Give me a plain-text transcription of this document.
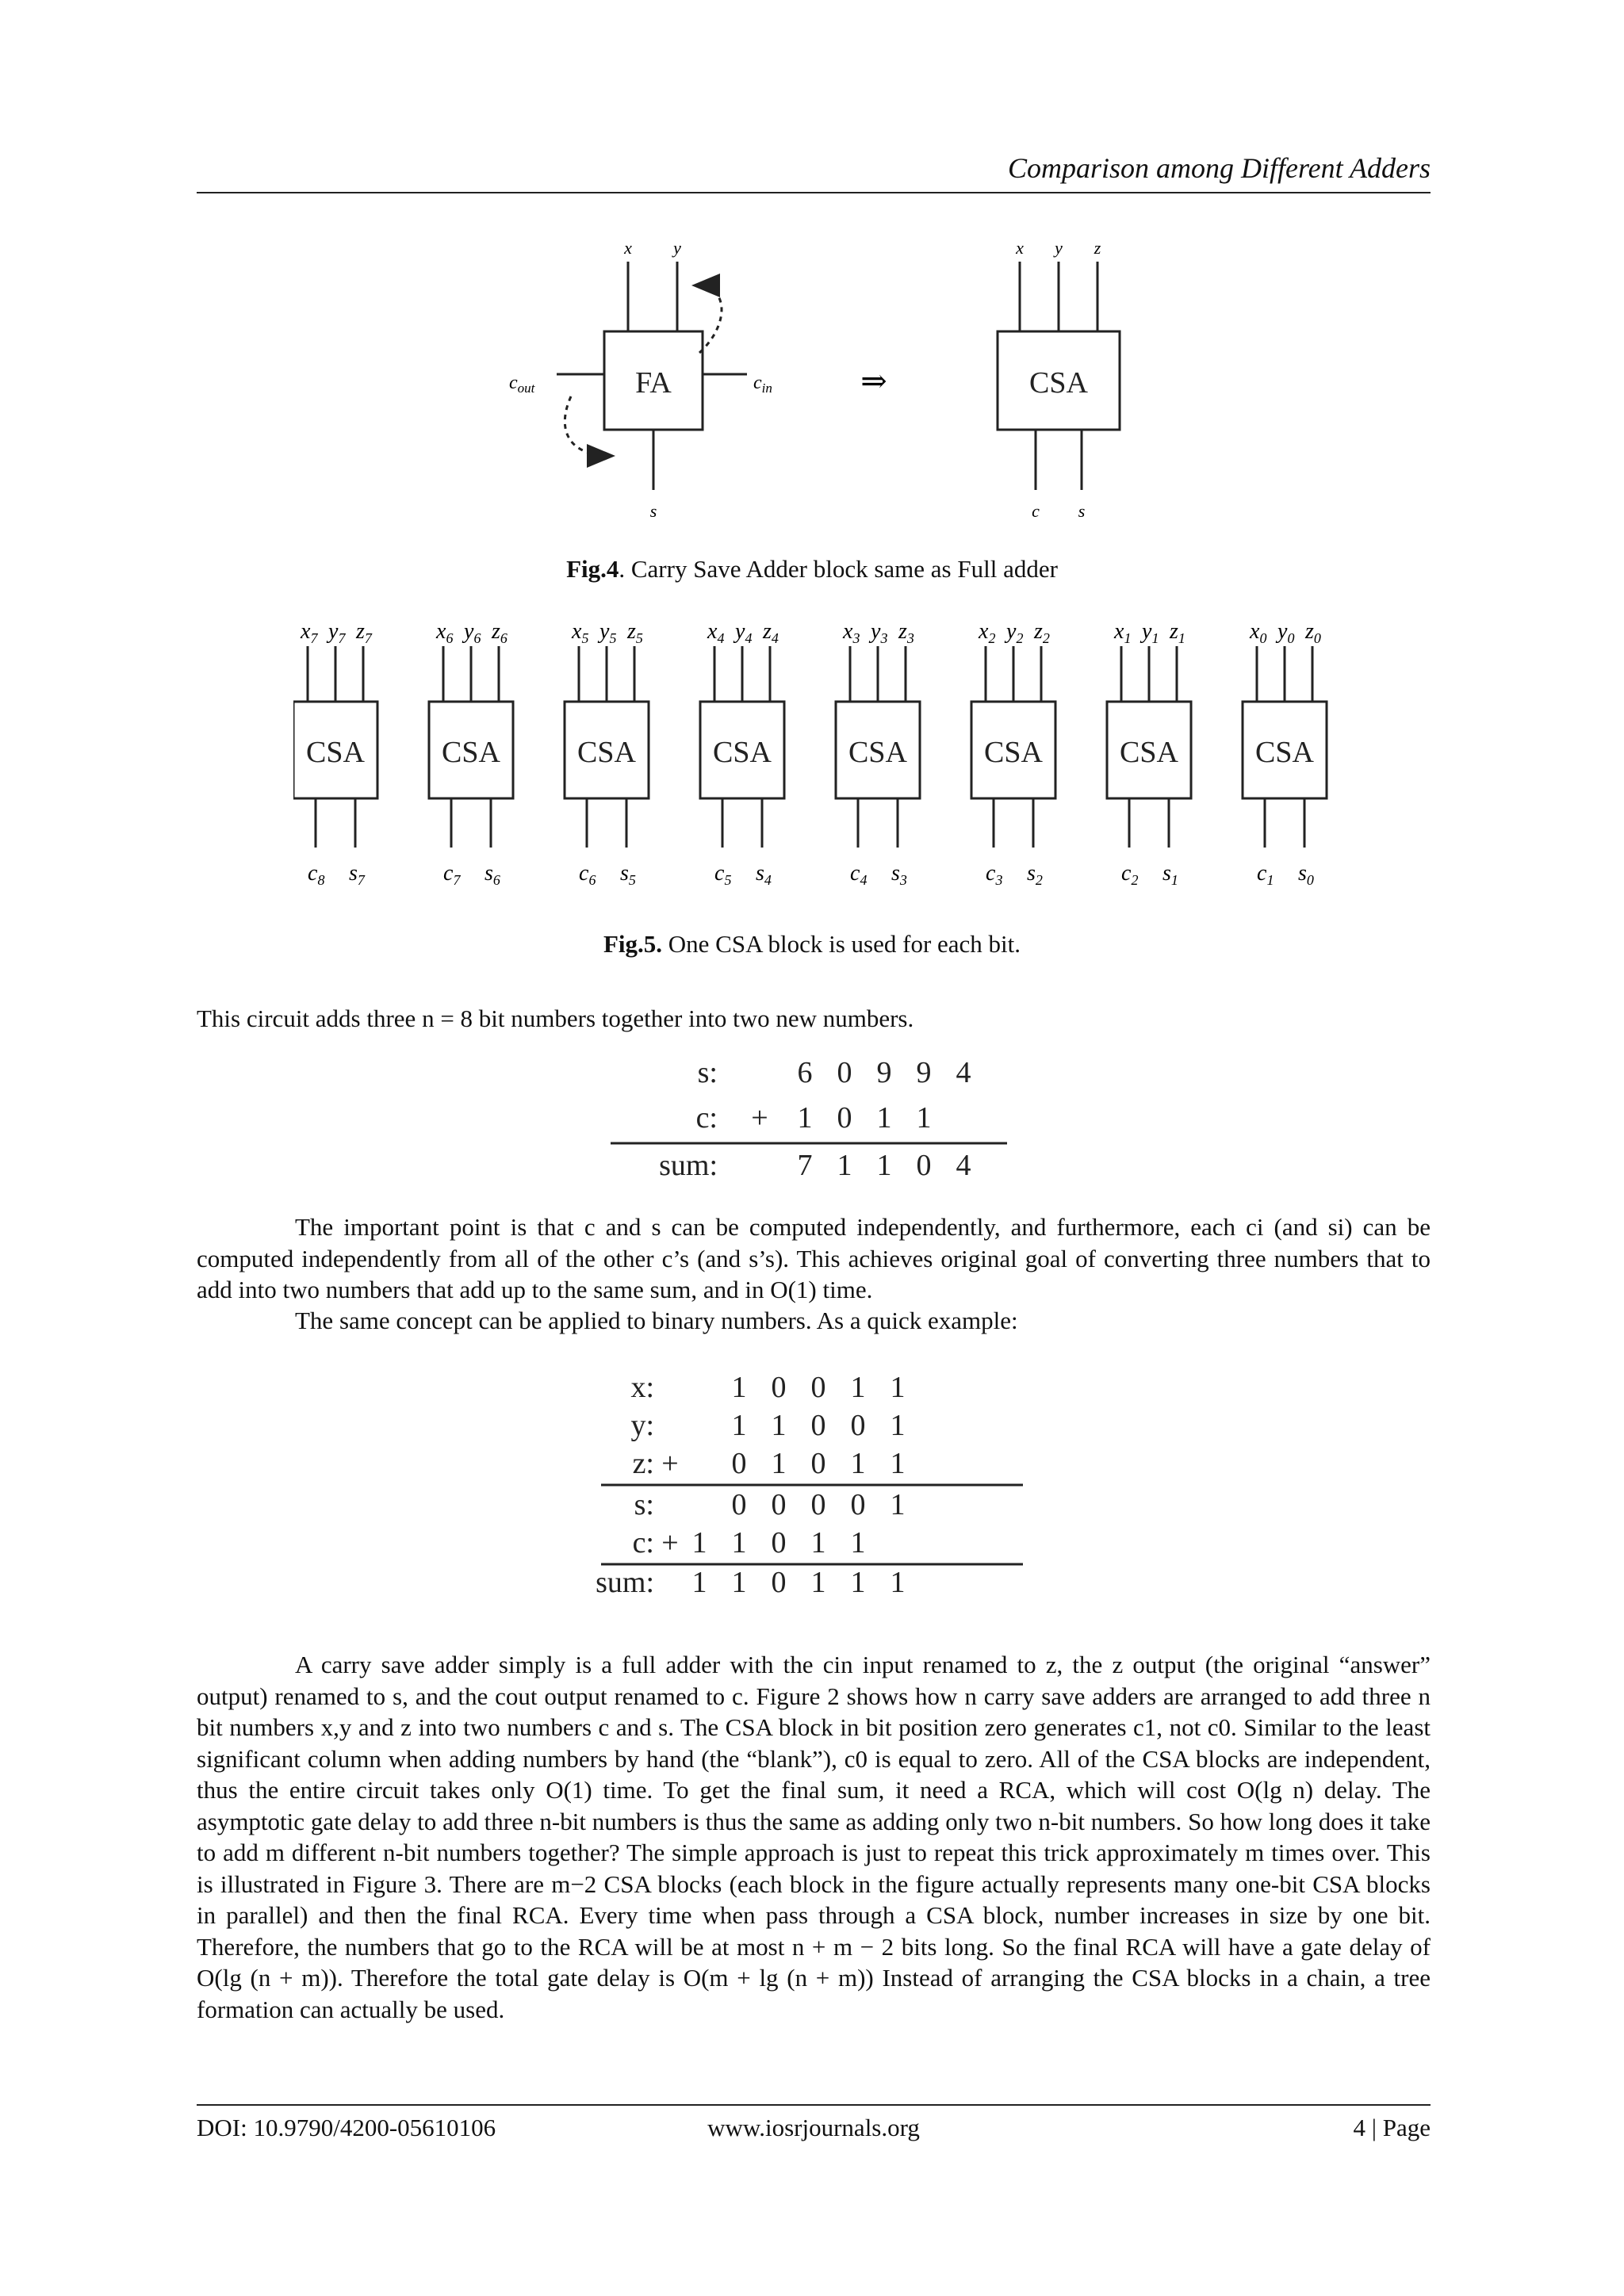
Comparison among Different Adders
FA
x y
$c_{out}$	$c_{in}$
s
⇒	CSA
x y z
c s
Fig.4. Carry Save Adder block same as Full adder
CSA
$x_7$ $y_7$ $z_7$
$c_8$ $s_7$
CSA
$x_6$ $y_6$ $z_6$
$c_7$ $s_6$
CSA
$x_5$ $y_5$ $z_5$
$c_6$ $s_5$
CSA
$x_4$ $y_4$ $z_4$
$c_5$ $s_4$
CSA
$x_3$ $y_3$ $z_3$
$c_4$ $s_3$
CSA
$x_2$ $y_2$ $z_2$
$c_3$ $s_2$
CSA
$x_1$ $y_1$ $z_1$
$c_2$ $s_1$
CSA
$x_0$ $y_0$ $z_0$
$c_1$ $s_0$
Fig.5. One CSA block is used for each bit.
This circuit adds three n = 8 bit numbers together into two new numbers.
s:	6 0 9 9 4
c: + 1 0 1 1
sum:	7 1 1 0 4
The important point is that c and s can be computed independently, and furthermore, each ci (and si) can be computed independently from all of the other c’s (and s’s). This achieves original goal of converting three numbers that to add into two numbers that add up to the same sum, and in O(1) time.
The same concept can be applied to binary numbers. As a quick example:
x:	1 0 0 1 1
y:	1 1 0 0 1
z: + 0 1 0 1 1
s:	0 0 0 0 1
c: + 1 1 0 1 1
sum: 1 1 0 1 1 1
A carry save adder simply is a full adder with the cin input renamed to z, the z output (the original “answer” output) renamed to s, and the cout output renamed to c. Figure 2 shows how n carry save adders are arranged to add three n bit numbers x,y and z into two numbers c and s. The CSA block in bit position zero generates c1, not c0. Similar to the least significant column when adding numbers by hand (the “blank”), c0 is equal to zero. All of the CSA blocks are independent, thus the entire circuit takes only O(1) time. To get the final sum, it need a RCA, which will cost O(lg n) delay. The asymptotic gate delay to add three n-bit numbers is thus the same as adding only two n-bit numbers. So how long does it take to add m different n-bit numbers together? The simple approach is just to repeat this trick approximately m times over. This is illustrated in Figure 3. There are m−2 CSA blocks (each block in the figure actually represents many one-bit CSA blocks in parallel) and then the final RCA. Every time when pass through a CSA block, number increases in size by one bit. Therefore, the numbers that go to the RCA will be at most n + m − 2 bits long. So the final RCA will have a gate delay of O(lg (n + m)). Therefore the total gate delay is O(m + lg (n + m)) Instead of arranging the CSA blocks in a chain, a tree formation can actually be used.
DOI: 10.9790/4200-05610106	www.iosrjournals.org	4 | Page
